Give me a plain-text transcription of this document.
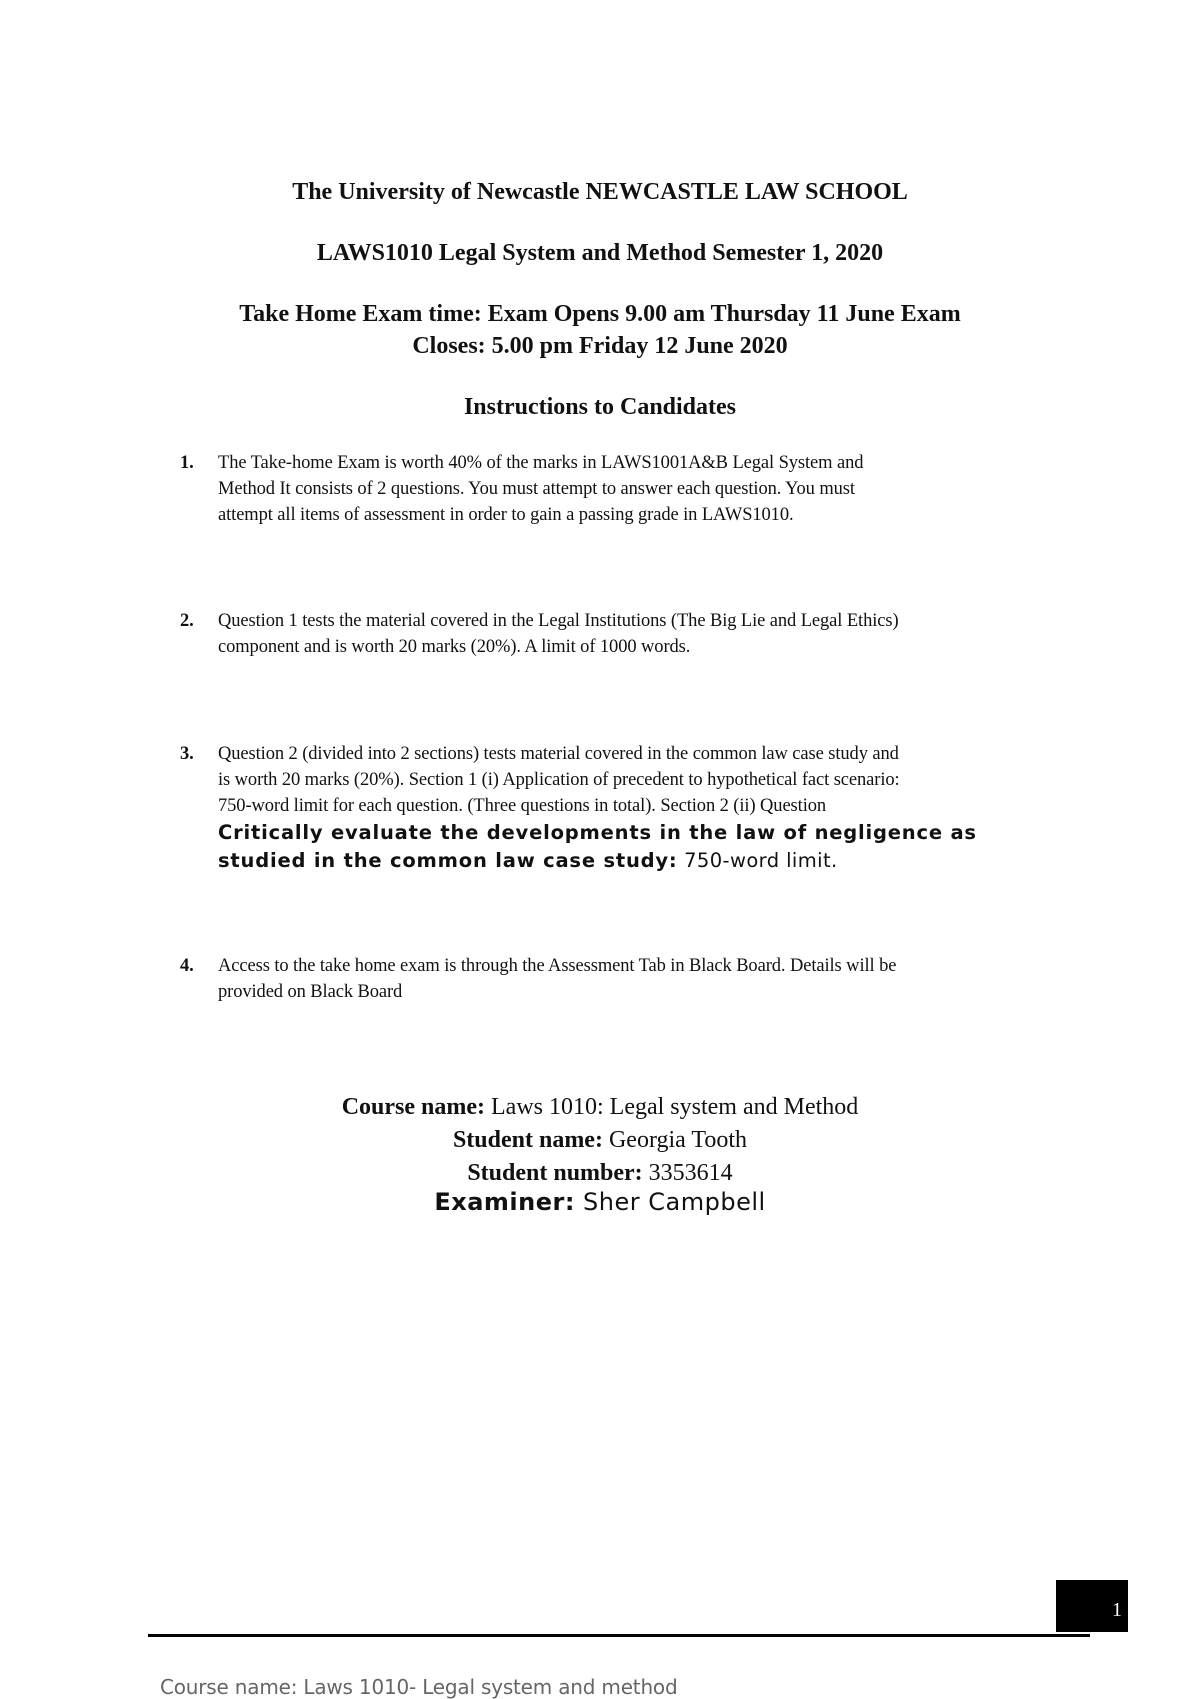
The University of Newcastle NEWCASTLE LAW SCHOOL
LAWS1010 Legal System and Method Semester 1, 2020
Take Home Exam time: Exam Opens 9.00 am Thursday 11 June Exam
Closes: 5.00 pm Friday 12 June 2020
Instructions to Candidates
1. The Take-home Exam is worth 40% of the marks in LAWS1001A&B Legal System and
Method It consists of 2 questions. You must attempt to answer each question. You must
attempt all items of assessment in order to gain a passing grade in LAWS1010.
2. Question 1 tests the material covered in the Legal Institutions (The Big Lie and Legal Ethics)
component and is worth 20 marks (20%). A limit of 1000 words.
3. Question 2 (divided into 2 sections) tests material covered in the common law case study and
is worth 20 marks (20%). Section 1 (i) Application of precedent to hypothetical fact scenario:
750-word limit for each question. (Three questions in total). Section 2 (ii) Question
Critically evaluate the developments in the law of negligence as
studied in the common law case study: 750-word limit.
4. Access to the take home exam is through the Assessment Tab in Black Board. Details will be
provided on Black Board
Course name: Laws 1010: Legal system and Method
Student name: Georgia Tooth
Student number: 3353614
Examiner: Sher Campbell
1
Course name: Laws 1010- Legal system and method
